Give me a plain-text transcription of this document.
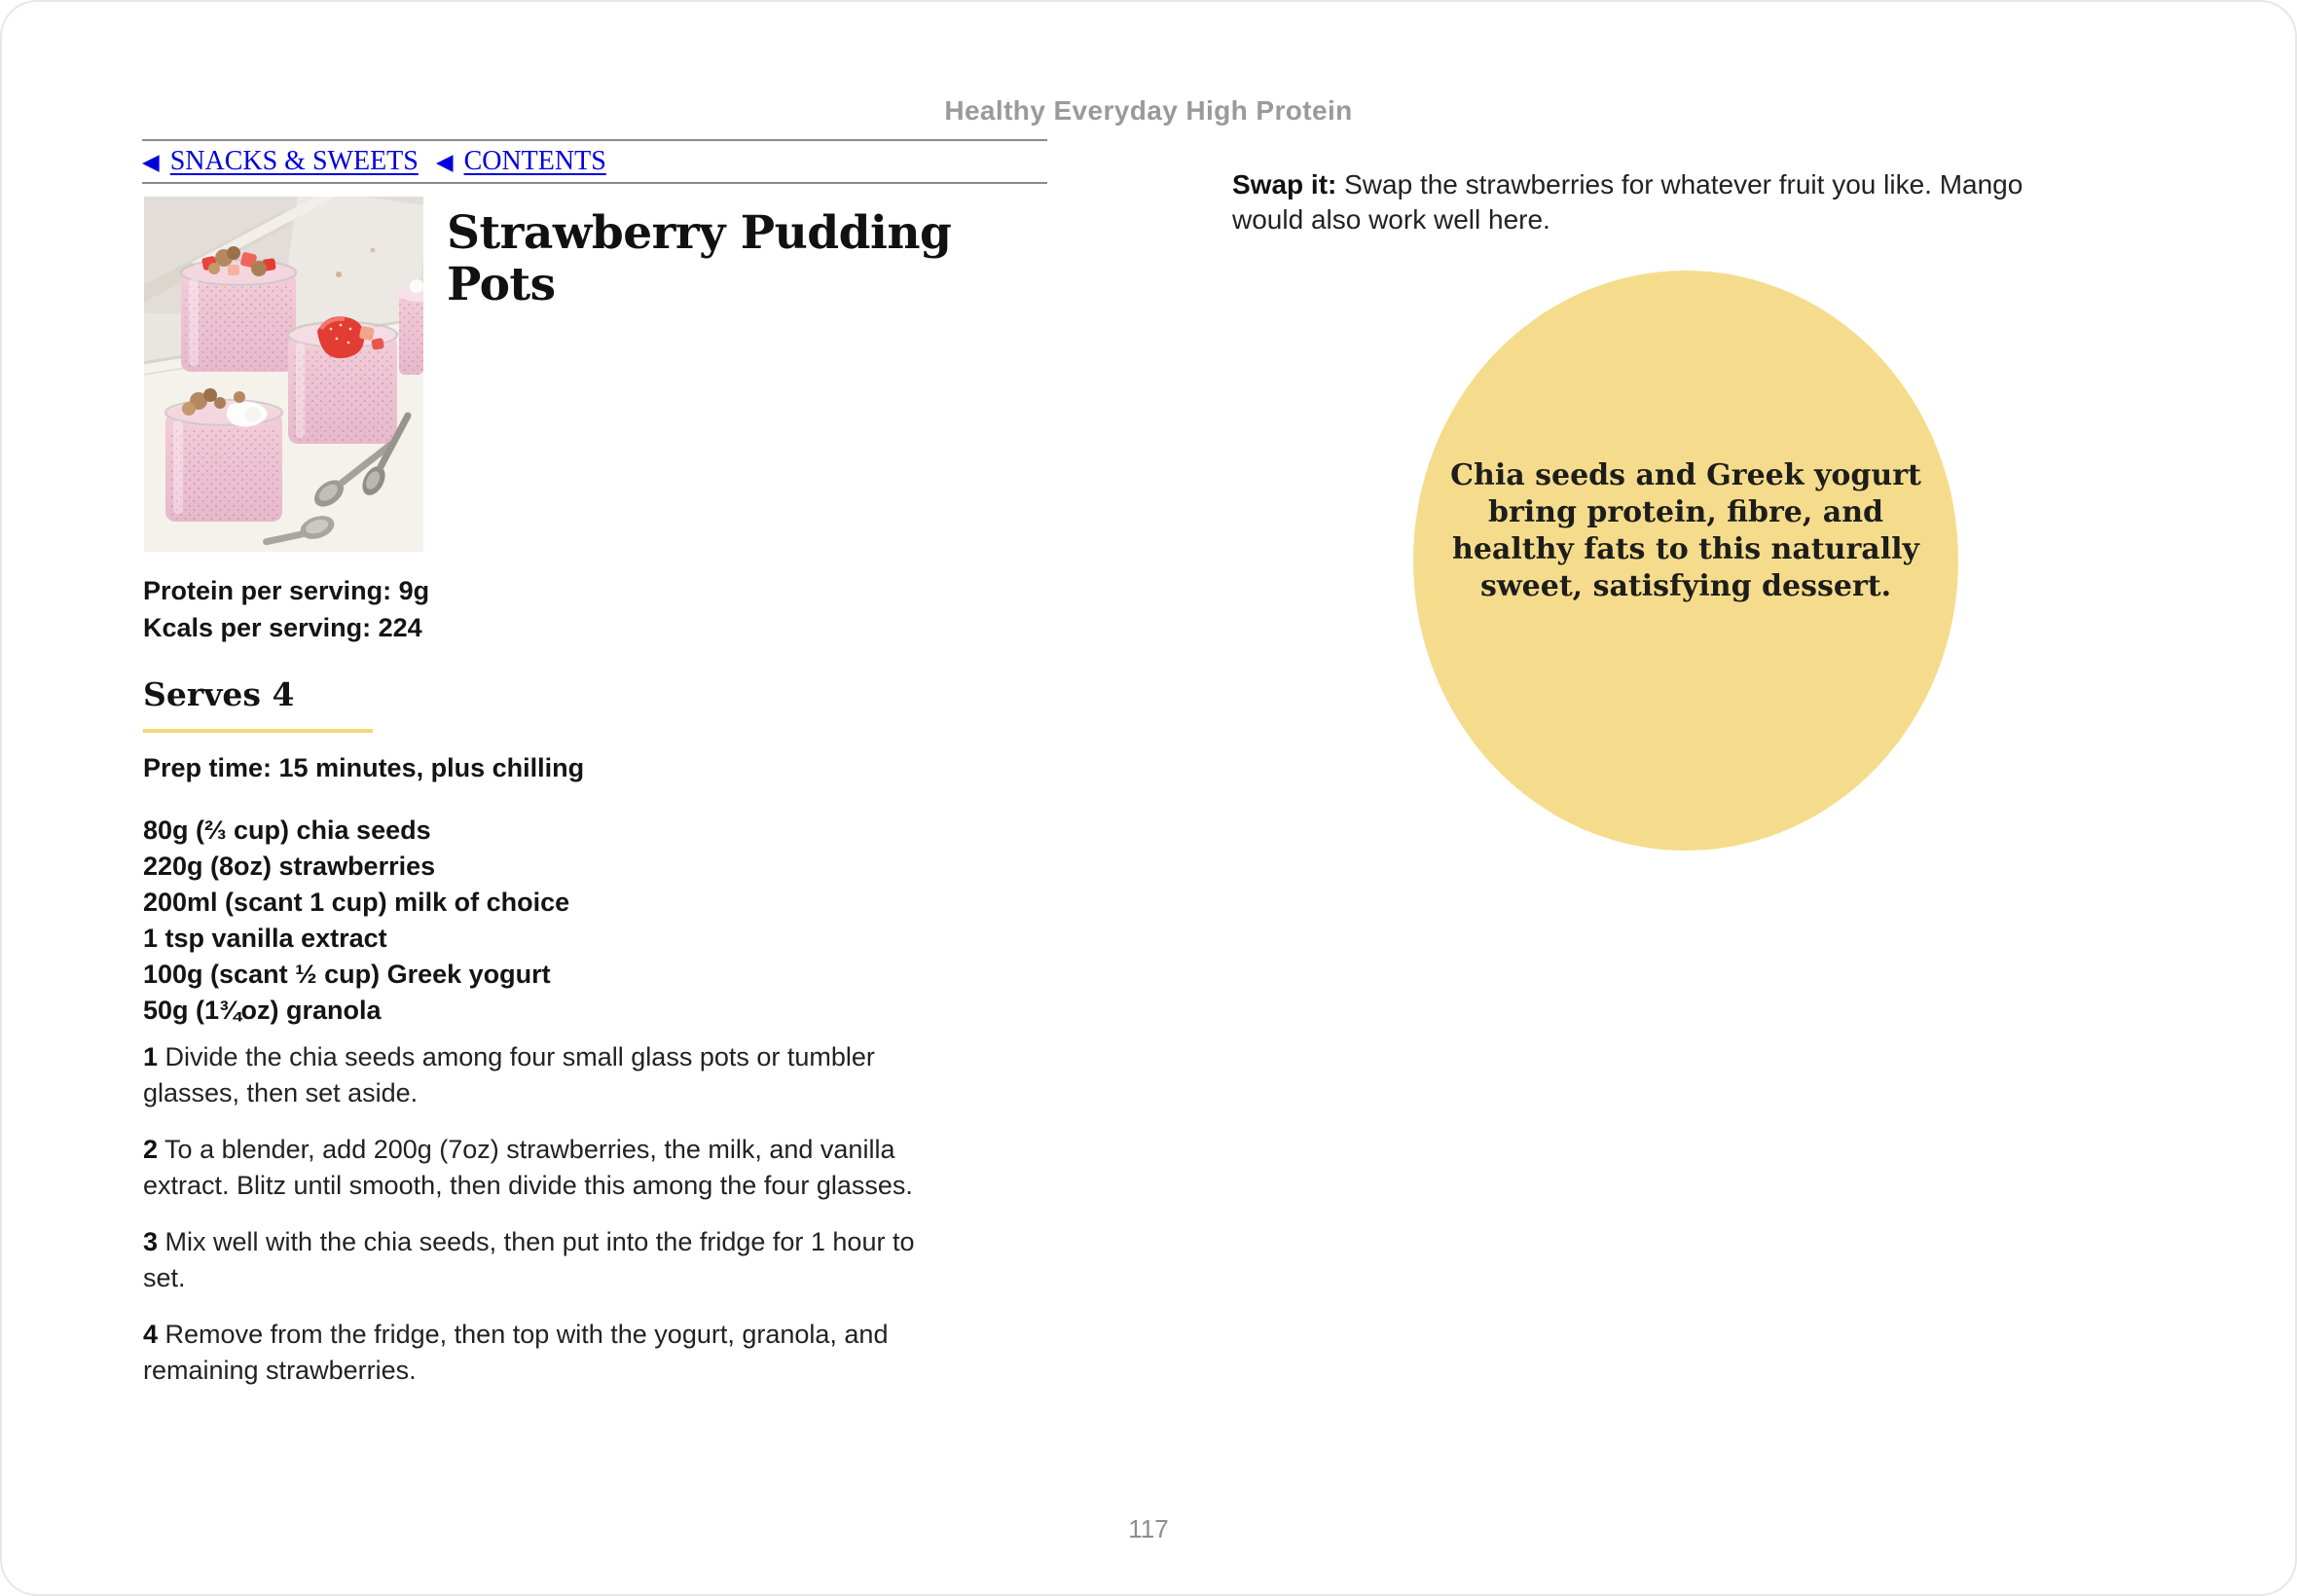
Healthy Everyday High Protein
◀ SNACKS & SWEETS ◀ CONTENTS
Strawberry Pudding Pots
Protein per serving: 9g
Kcals per serving: 224
Serves 4
Prep time: 15 minutes, plus chilling
80g (⅔ cup) chia seeds
220g (8oz) strawberries
200ml (scant 1 cup) milk of choice
1 tsp vanilla extract
100g (scant ½ cup) Greek yogurt
50g (1¾oz) granola

1 Divide the chia seeds among four small glass pots or tumbler glasses, then set aside.

2 To a blender, add 200g (7oz) strawberries, the milk, and vanilla extract. Blitz until smooth, then divide this among the four glasses.

3 Mix well with the chia seeds, then put into the fridge for 1 hour to set.

4 Remove from the fridge, then top with the yogurt, granola, and remaining strawberries.

Swap it: Swap the strawberries for whatever fruit you like. Mango would also work well here.

Chia seeds and Greek yogurt
bring protein, fibre, and
healthy fats to this naturally
sweet, satisfying dessert.
117
